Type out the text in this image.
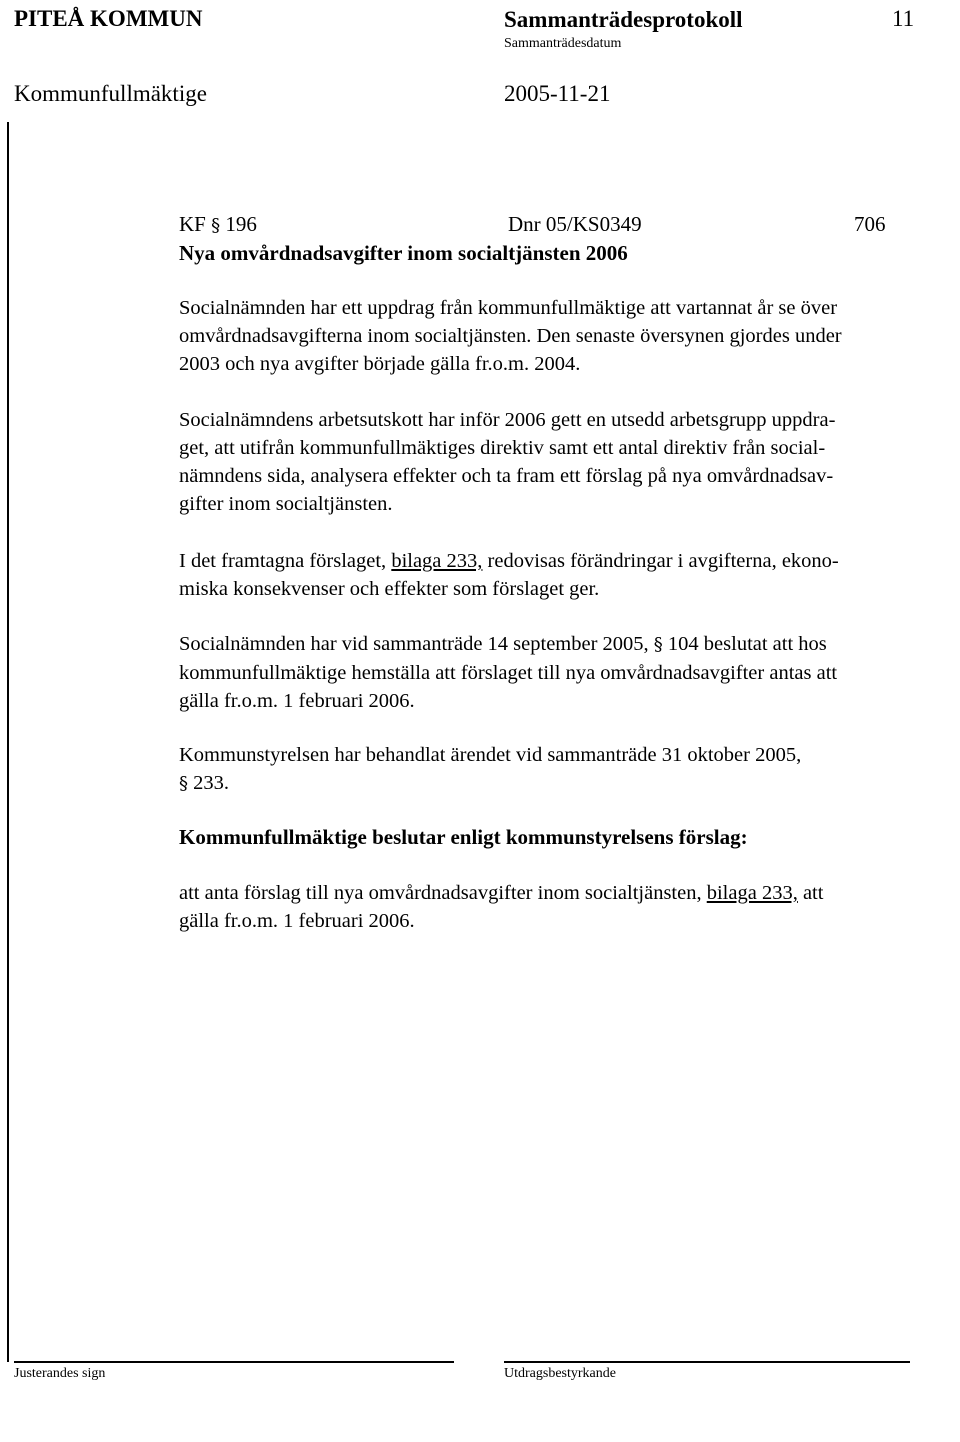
PITEÅ KOMMUN	Sammanträdesprotokoll	11
Sammanträdesdatum
Kommunfullmäktige	2005-11-21
KF § 196	Dnr 05/KS0349	706
Nya omvårdnadsavgifter inom socialtjänsten 2006
Socialnämnden har ett uppdrag från kommunfullmäktige att vartannat år se över
omvårdnadsavgifterna inom socialtjänsten. Den senaste översynen gjordes under
2003 och nya avgifter började gälla fr.o.m. 2004.
Socialnämndens arbetsutskott har inför 2006 gett en utsedd arbetsgrupp uppdra-
get, att utifrån kommunfullmäktiges direktiv samt ett antal direktiv från social-
nämndens sida, analysera effekter och ta fram ett förslag på nya omvårdnadsav-
gifter inom socialtjänsten.
I det framtagna förslaget, bilaga 233, redovisas förändringar i avgifterna, ekono-
miska konsekvenser och effekter som förslaget ger.
Socialnämnden har vid sammanträde 14 september 2005, § 104 beslutat att hos
kommunfullmäktige hemställa att förslaget till nya omvårdnadsavgifter antas att
gälla fr.o.m. 1 februari 2006.
Kommunstyrelsen har behandlat ärendet vid sammanträde 31 oktober 2005,
§ 233.
Kommunfullmäktige beslutar enligt kommunstyrelsens förslag:
att anta förslag till nya omvårdnadsavgifter inom socialtjänsten, bilaga 233, att
gälla fr.o.m. 1 februari 2006.
Justerandes sign	Utdragsbestyrkande
